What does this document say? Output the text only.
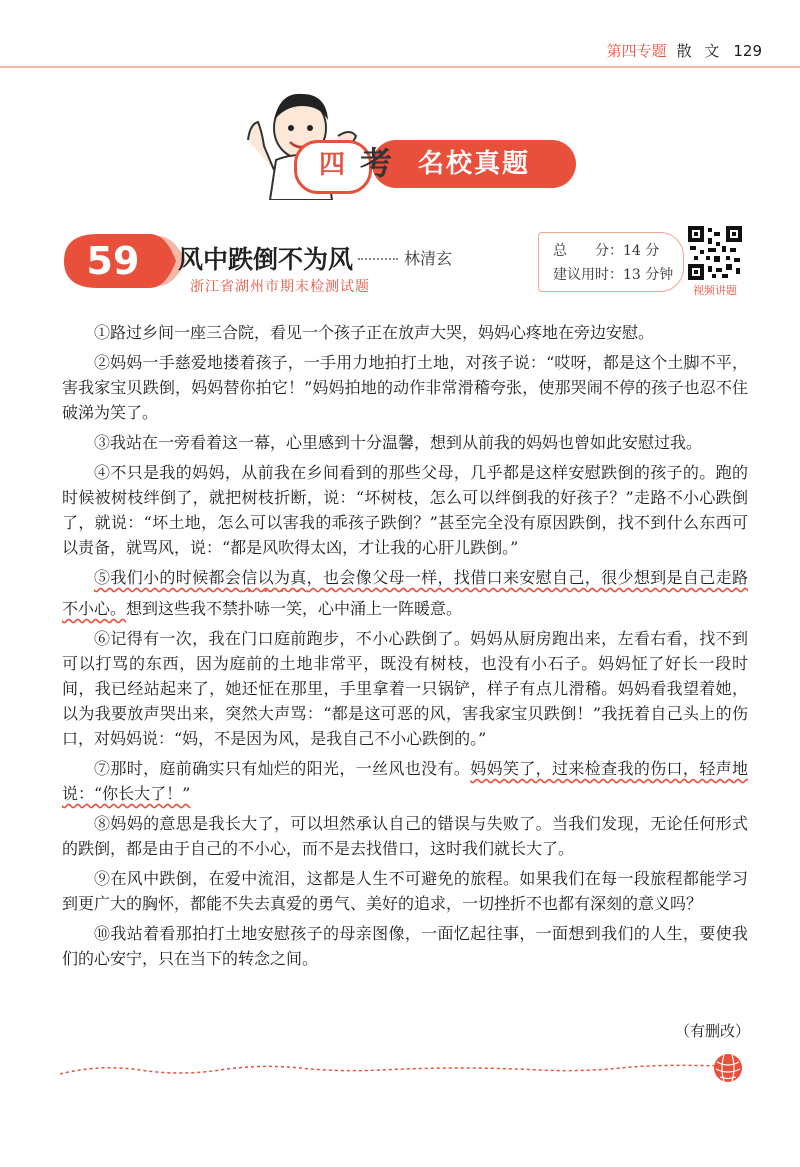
第四专题 散 文 129
四 考 名校真题
59	风中跌倒不为风	林清玄
浙江省湖州市期末检测试题
总　　分：14 分
建议用时：13 分钟
视频讲题

①路过乡间一座三合院，看见一个孩子正在放声大哭，妈妈心疼地在旁边安慰。

②妈妈一手慈爱地搂着孩子，一手用力地拍打土地，对孩子说：“哎呀，都是这个土脚不平，害我家宝贝跌倒，妈妈替你拍它！”妈妈拍地的动作非常滑稽夸张，使那哭闹不停的孩子也忍不住破涕为笑了。

③我站在一旁看着这一幕，心里感到十分温馨，想到从前我的妈妈也曾如此安慰过我。

④不只是我的妈妈，从前我在乡间看到的那些父母，几乎都是这样安慰跌倒的孩子的。跑的时候被树枝绊倒了，就把树枝折断，说：“坏树枝，怎么可以绊倒我的好孩子？”走路不小心跌倒了，就说：“坏土地，怎么可以害我的乖孩子跌倒？”甚至完全没有原因跌倒，找不到什么东西可以责备，就骂风，说：“都是风吹得太凶，才让我的心肝儿跌倒。”

⑤我们小的时候都会信以为真，也会像父母一样，找借口来安慰自己，很少想到是自己走路不小心。想到这些我不禁扑哧一笑，心中涌上一阵暖意。

⑥记得有一次，我在门口庭前跑步，不小心跌倒了。妈妈从厨房跑出来，左看右看，找不到可以打骂的东西，因为庭前的土地非常平，既没有树枝，也没有小石子。妈妈怔了好长一段时间，我已经站起来了，她还怔在那里，手里拿着一只锅铲，样子有点儿滑稽。妈妈看我望着她，以为我要放声哭出来，突然大声骂：“都是这可恶的风，害我家宝贝跌倒！”我抚着自己头上的伤口，对妈妈说：“妈，不是因为风，是我自己不小心跌倒的。”

⑦那时，庭前确实只有灿烂的阳光，一丝风也没有。妈妈笑了，过来检查我的伤口，轻声地说：“你长大了！”

⑧妈妈的意思是我长大了，可以坦然承认自己的错误与失败了。当我们发现，无论任何形式的跌倒，都是由于自己的不小心，而不是去找借口，这时我们就长大了。

⑨在风中跌倒，在爱中流泪，这都是人生不可避免的旅程。如果我们在每一段旅程都能学习到更广大的胸怀，都能不失去真爱的勇气、美好的追求，一切挫折不也都有深刻的意义吗？

⑩我站着看那拍打土地安慰孩子的母亲图像，一面忆起往事，一面想到我们的人生，要使我们的心安宁，只在当下的转念之间。

（有删改）
